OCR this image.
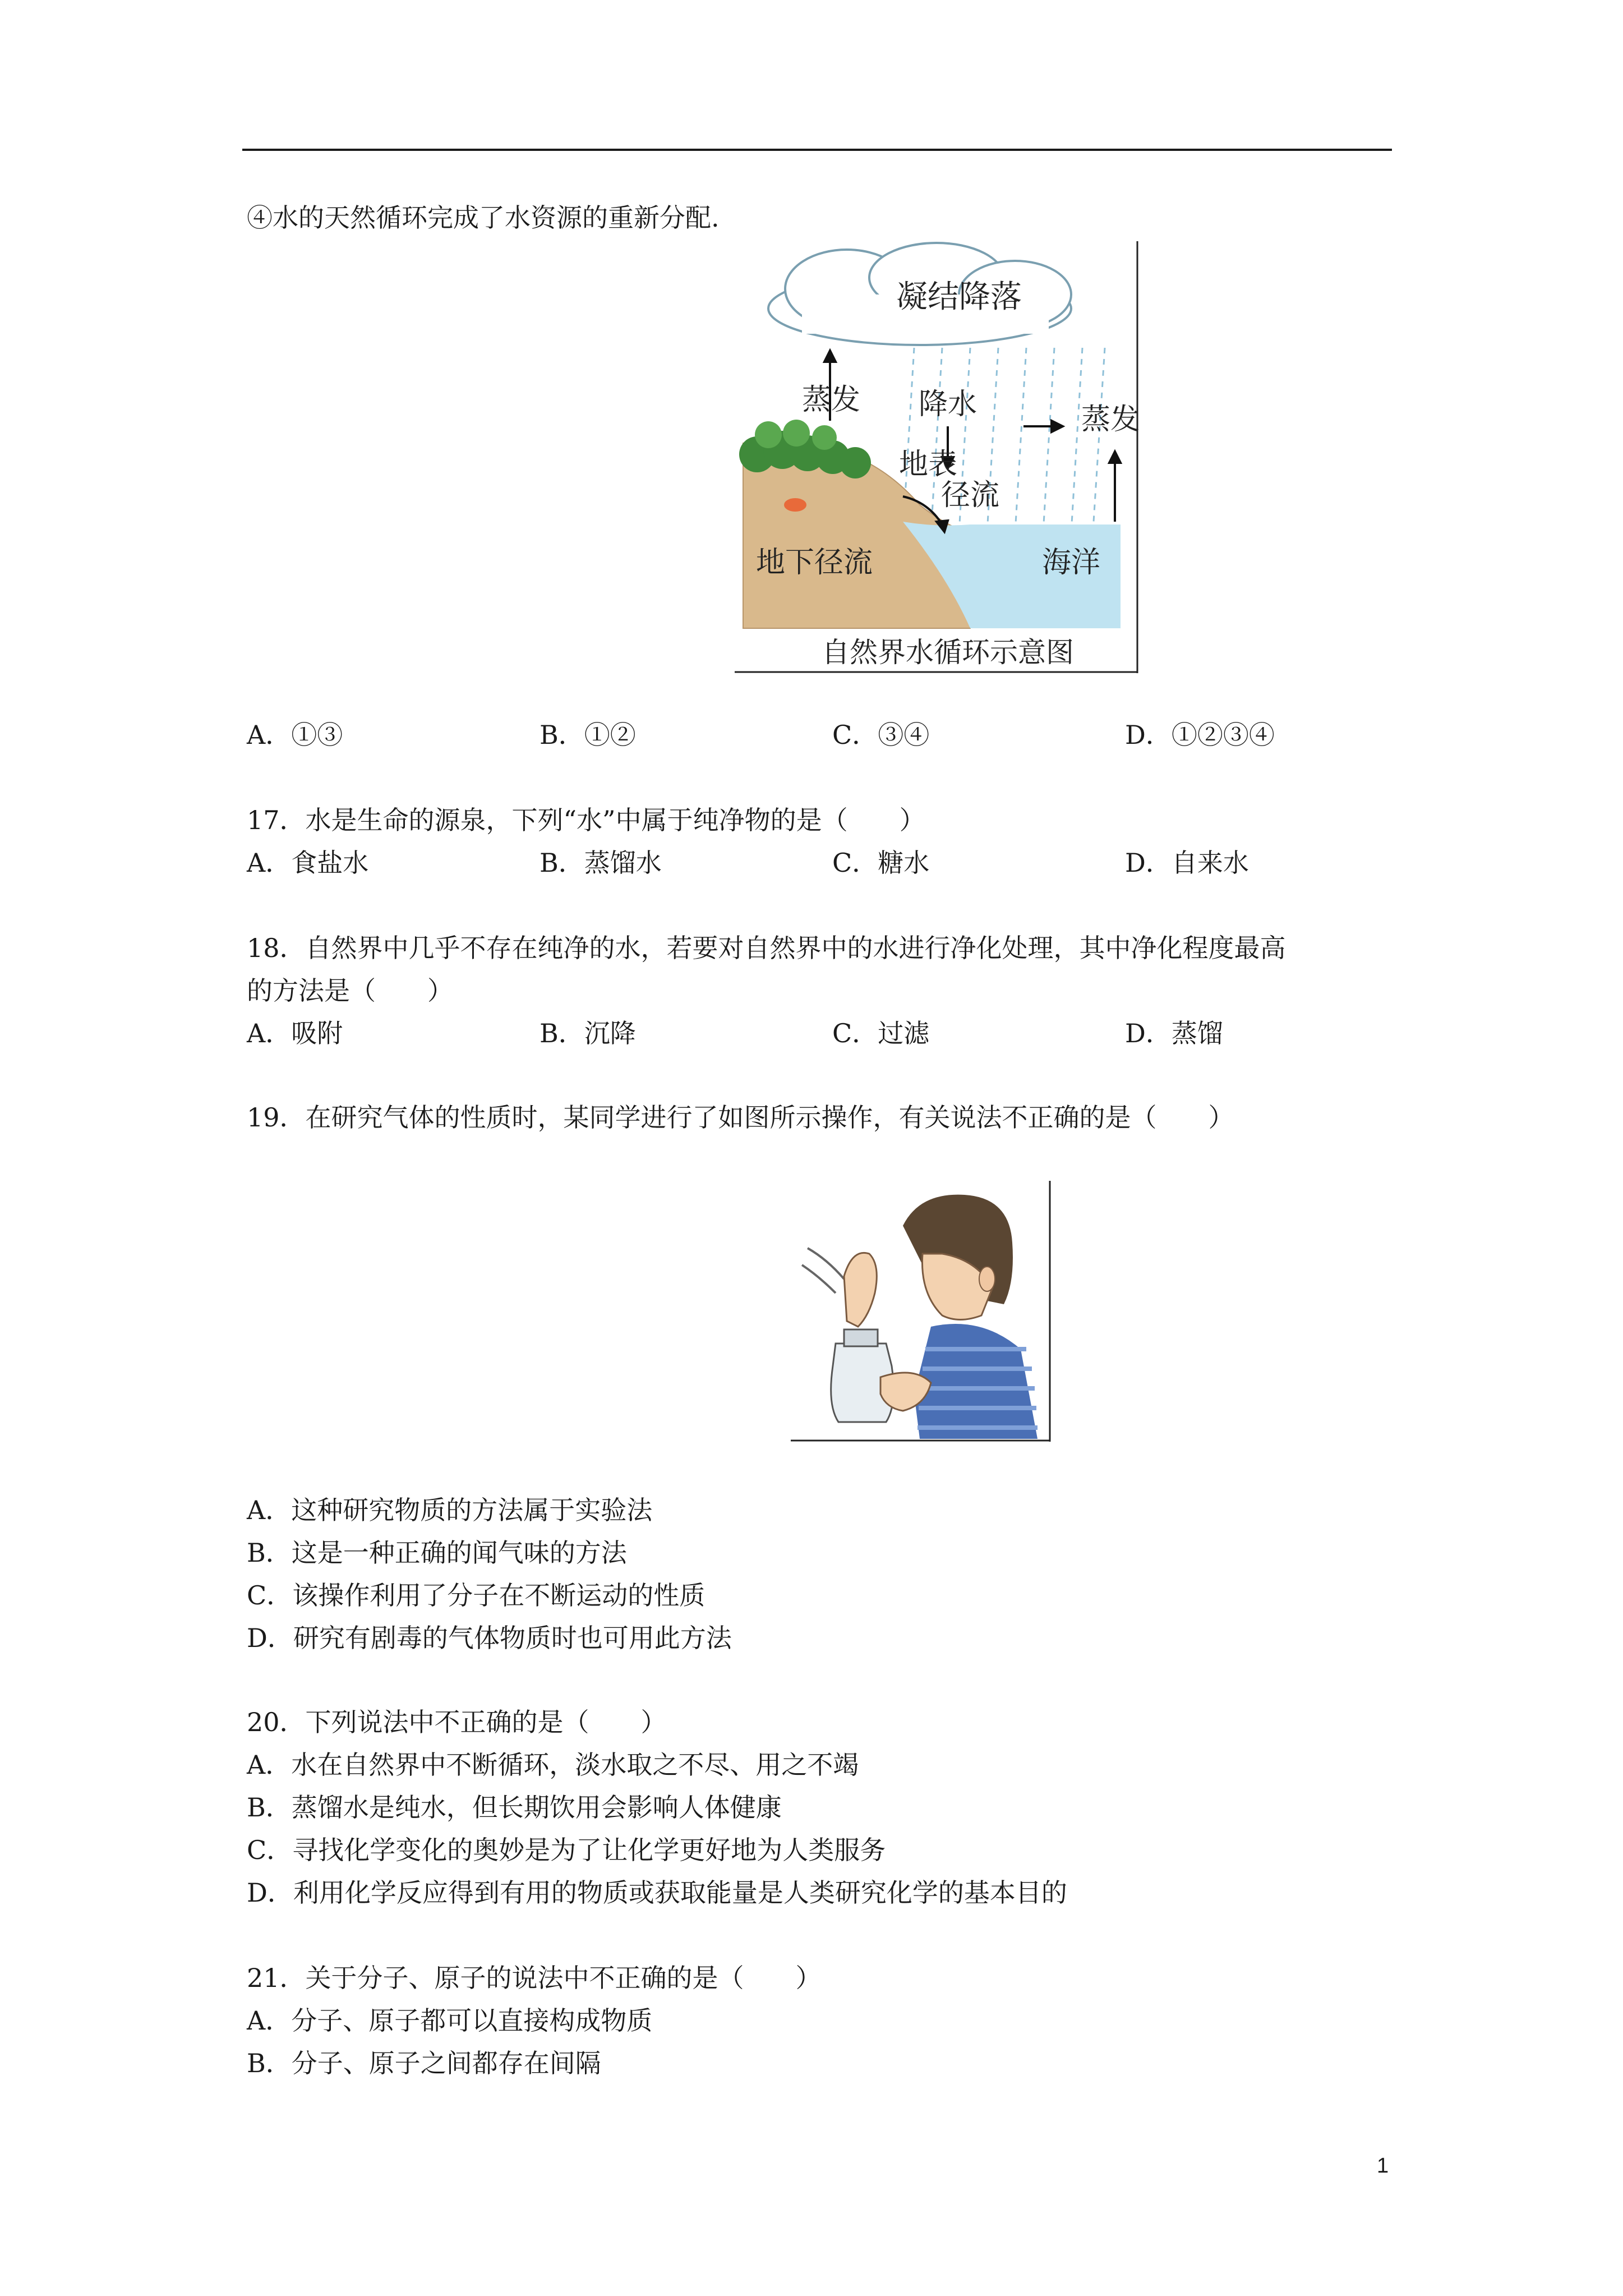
④水的天然循环完成了水资源的重新分配.
凝结降落
蒸发 降水
地表
径流
蒸发
地下径流	海洋
自然界水循环示意图
A．①③	B．①②	C．③④	D．①②③④
17．水是生命的源泉，下列“水”中属于纯净物的是（　　）
A．食盐水	B．蒸馏水	C．糖水	D．自来水
18．自然界中几乎不存在纯净的水，若要对自然界中的水进行净化处理，其中净化程度最高
的方法是（　　）
A．吸附	B．沉降	C．过滤	D．蒸馏
19．在研究气体的性质时，某同学进行了如图所示操作，有关说法不正确的是（　　）
A．这种研究物质的方法属于实验法
B．这是一种正确的闻气味的方法
C．该操作利用了分子在不断运动的性质
D．研究有剧毒的气体物质时也可用此方法
20．下列说法中不正确的是（　　）
A．水在自然界中不断循环，淡水取之不尽、用之不竭
B．蒸馏水是纯水，但长期饮用会影响人体健康
C．寻找化学变化的奥妙是为了让化学更好地为人类服务
D．利用化学反应得到有用的物质或获取能量是人类研究化学的基本目的
21．关于分子、原子的说法中不正确的是（　　）
A．分子、原子都可以直接构成物质
B．分子、原子之间都存在间隔
1
